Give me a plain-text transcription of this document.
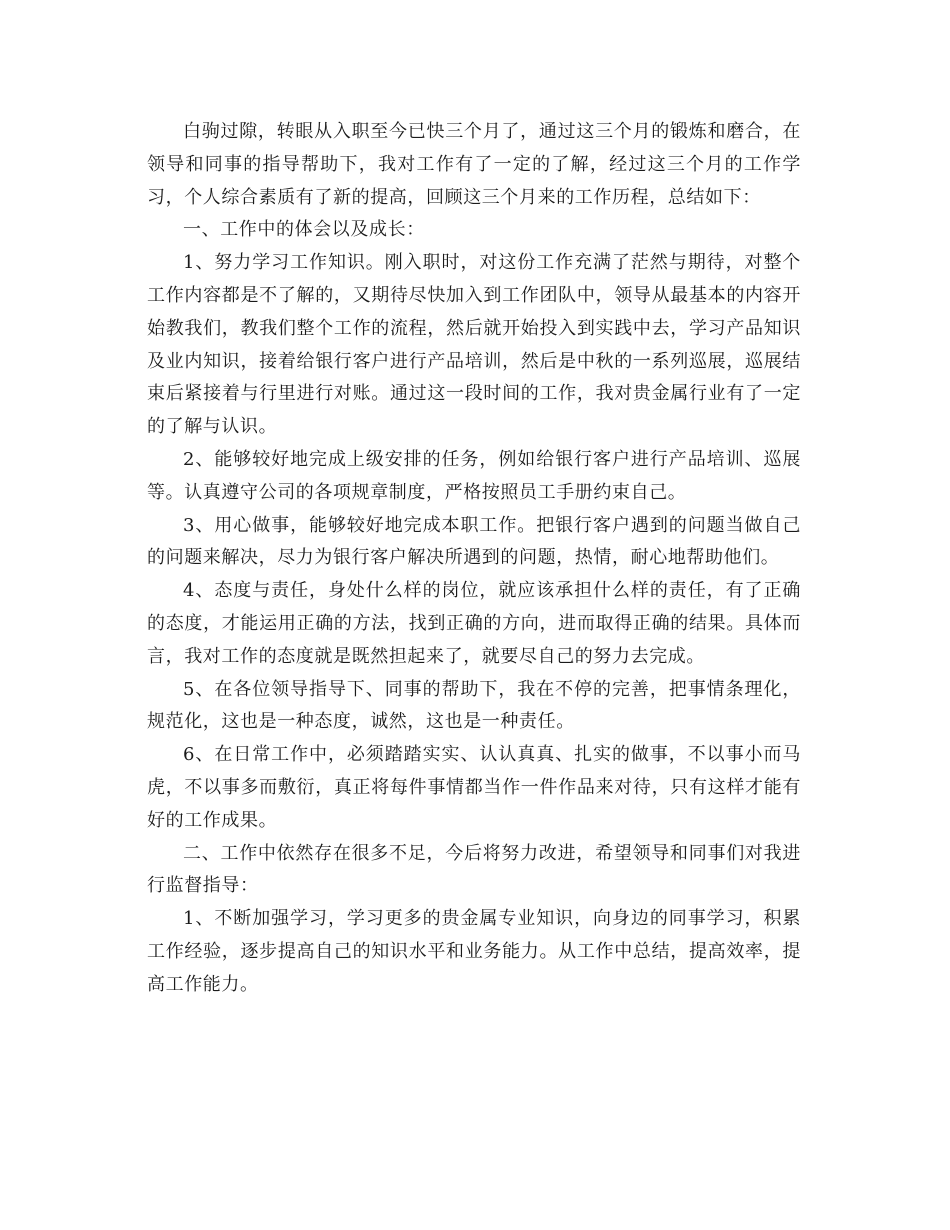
白驹过隙，转眼从入职至今已快三个月了，通过这三个月的锻炼和磨合，在领导和同事的指导帮助下，我对工作有了一定的了解，经过这三个月的工作学习，个人综合素质有了新的提高，回顾这三个月来的工作历程，总结如下：

一、工作中的体会以及成长：

1、努力学习工作知识。刚入职时，对这份工作充满了茫然与期待，对整个工作内容都是不了解的，又期待尽快加入到工作团队中，领导从最基本的内容开始教我们，教我们整个工作的流程，然后就开始投入到实践中去，学习产品知识及业内知识，接着给银行客户进行产品培训，然后是中秋的一系列巡展，巡展结束后紧接着与行里进行对账。通过这一段时间的工作，我对贵金属行业有了一定的了解与认识。

2、能够较好地完成上级安排的任务，例如给银行客户进行产品培训、巡展等。认真遵守公司的各项规章制度，严格按照员工手册约束自己。

3、用心做事，能够较好地完成本职工作。把银行客户遇到的问题当做自己的问题来解决，尽力为银行客户解决所遇到的问题，热情，耐心地帮助他们。

4、态度与责任，身处什么样的岗位，就应该承担什么样的责任，有了正确的态度，才能运用正确的方法，找到正确的方向，进而取得正确的结果。具体而言，我对工作的态度就是既然担起来了，就要尽自己的努力去完成。

5、在各位领导指导下、同事的帮助下，我在不停的完善，把事情条理化，规范化，这也是一种态度，诚然，这也是一种责任。

6、在日常工作中，必须踏踏实实、认认真真、扎实的做事，不以事小而马虎，不以事多而敷衍，真正将每件事情都当作一件作品来对待，只有这样才能有好的工作成果。

二、工作中依然存在很多不足，今后将努力改进，希望领导和同事们对我进行监督指导：

1、不断加强学习，学习更多的贵金属专业知识，向身边的同事学习，积累工作经验，逐步提高自己的知识水平和业务能力。从工作中总结，提高效率，提高工作能力。
